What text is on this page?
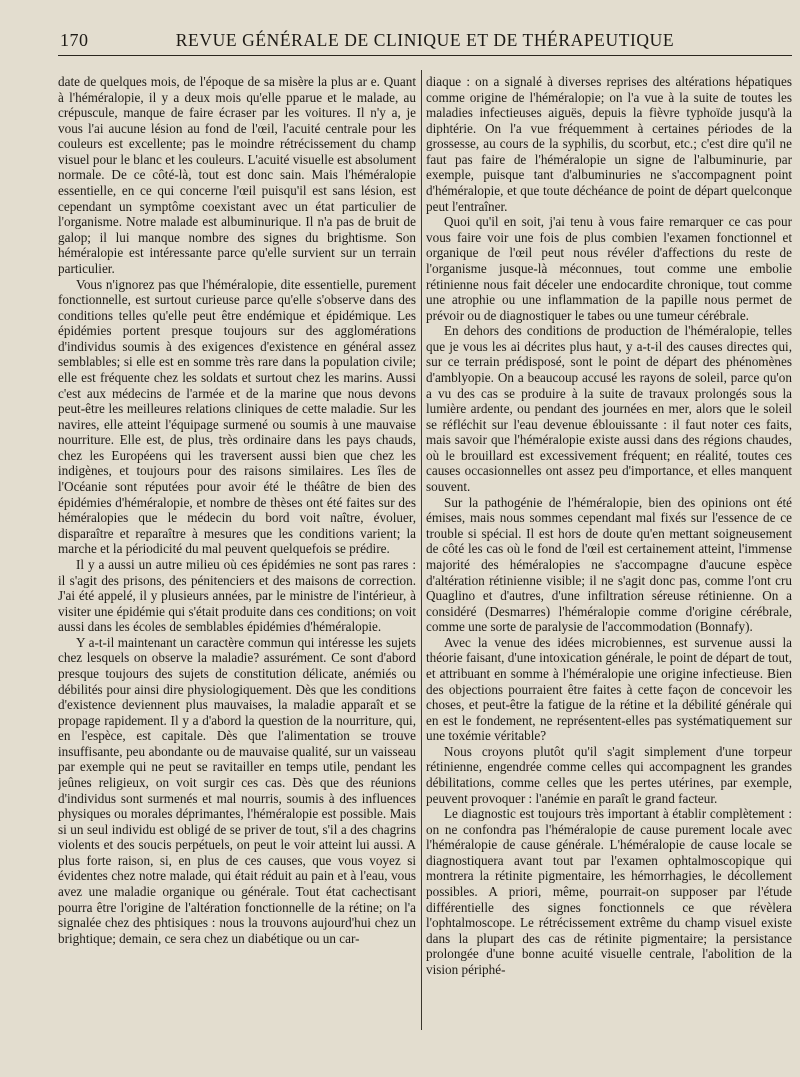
170	REVUE GÉNÉRALE DE CLINIQUE ET DE THÉRAPEUTIQUE

date de quelques mois, de l'époque de sa misère la plus ar e. Quant à l'héméralopie, il y a deux mois qu'elle pparue et le malade, au crépuscule, manque de faire écraser par les voitures. Il n'y a, je vous l'ai aucune lésion au fond de l'œil, l'acuité centrale pour les couleurs est excellente; pas le moindre rétrécissement du champ visuel pour le blanc et les couleurs. L'acuité visuelle est absolument normale. De ce côté-là, tout est donc sain. Mais l'héméralopie essentielle, en ce qui concerne l'œil puisqu'il est sans lésion, est cependant un symptôme coexistant avec un état particulier de l'organisme. Notre malade est albuminurique. Il n'a pas de bruit de galop; il lui manque nombre des signes du brightisme. Son héméralopie est intéressante parce qu'elle survient sur un terrain particulier.

Vous n'ignorez pas que l'héméralopie, dite essentielle, purement fonctionnelle, est surtout curieuse parce qu'elle s'observe dans des conditions telles qu'elle peut être endémique et épidémique. Les épidémies portent presque toujours sur des agglomérations d'individus soumis à des exigences d'existence en général assez semblables; si elle est en somme très rare dans la population civile; elle est fréquente chez les soldats et surtout chez les marins. Aussi c'est aux médecins de l'armée et de la marine que nous devons peut-être les meilleures relations cliniques de cette maladie. Sur les navires, elle atteint l'équipage surmené ou soumis à une mauvaise nourriture. Elle est, de plus, très ordinaire dans les pays chauds, chez les Européens qui les traversent aussi bien que chez les indigènes, et toujours pour des raisons similaires. Les îles de l'Océanie sont réputées pour avoir été le théâtre de bien des épidémies d'héméralopie, et nombre de thèses ont été faites sur des héméralopies que le médecin du bord voit naître, évoluer, disparaître et reparaître à mesures que les conditions varient; la marche et la périodicité du mal peuvent quelquefois se prédire.

Il y a aussi un autre milieu où ces épidémies ne sont pas rares : il s'agit des prisons, des pénitenciers et des maisons de correction. J'ai été appelé, il y plusieurs années, par le ministre de l'intérieur, à visiter une épidémie qui s'était produite dans ces conditions; on voit aussi dans les écoles de semblables épidémies d'héméralopie.

Y a-t-il maintenant un caractère commun qui intéresse les sujets chez lesquels on observe la maladie? assurément. Ce sont d'abord presque toujours des sujets de constitution délicate, anémiés ou débilités pour ainsi dire physiologiquement. Dès que les conditions d'existence deviennent plus mauvaises, la maladie apparaît et se propage rapidement. Il y a d'abord la question de la nourriture, qui, en l'espèce, est capitale. Dès que l'alimentation se trouve insuffisante, peu abondante ou de mauvaise qualité, sur un vaisseau par exemple qui ne peut se ravitailler en temps utile, pendant les jeûnes religieux, on voit surgir ces cas. Dès que des réunions d'individus sont surmenés et mal nourris, soumis à des influences physiques ou morales déprimantes, l'héméralopie est possible. Mais si un seul individu est obligé de se priver de tout, s'il a des chagrins violents et des soucis perpétuels, on peut le voir atteint lui aussi. A plus forte raison, si, en plus de ces causes, que vous voyez si évidentes chez notre malade, qui était réduit au pain et à l'eau, vous avez une maladie organique ou générale. Tout état cachectisant pourra être l'origine de l'altération fonctionnelle de la rétine; on l'a signalée chez des phtisiques : nous la trouvons aujourd'hui chez un brightique; demain, ce sera chez un diabétique ou un car-

diaque : on a signalé à diverses reprises des altérations hépatiques comme origine de l'héméralopie; on l'a vue à la suite de toutes les maladies infectieuses aiguës, depuis la fièvre typhoïde jusqu'à la diphtérie. On l'a vue fréquemment à certaines périodes de la grossesse, au cours de la syphilis, du scorbut, etc.; c'est dire qu'il ne faut pas faire de l'héméralopie un signe de l'albuminurie, par exemple, puisque tant d'albuminuries ne s'accompagnent point d'héméralopie, et que toute déchéance de point de départ quelconque peut l'entraîner.

Quoi qu'il en soit, j'ai tenu à vous faire remarquer ce cas pour vous faire voir une fois de plus combien l'examen fonctionnel et organique de l'œil peut nous révéler d'affections du reste de l'organisme jusque-là méconnues, tout comme une embolie rétinienne nous fait déceler une endocardite chronique, tout comme une atrophie ou une inflammation de la papille nous permet de prévoir ou de diagnostiquer le tabes ou une tumeur cérébrale.

En dehors des conditions de production de l'héméralopie, telles que je vous les ai décrites plus haut, y a-t-il des causes directes qui, sur ce terrain prédisposé, sont le point de départ des phénomènes d'amblyopie. On a beaucoup accusé les rayons de soleil, parce qu'on a vu des cas se produire à la suite de travaux prolongés sous la lumière ardente, ou pendant des journées en mer, alors que le soleil se réfléchit sur l'eau devenue éblouissante : il faut noter ces faits, mais savoir que l'héméralopie existe aussi dans des régions chaudes, où le brouillard est excessivement fréquent; en réalité, toutes ces causes occasionnelles ont assez peu d'importance, et elles manquent souvent.

Sur la pathogénie de l'héméralopie, bien des opinions ont été émises, mais nous sommes cependant mal fixés sur l'essence de ce trouble si spécial. Il est hors de doute qu'en mettant soigneusement de côté les cas où le fond de l'œil est certainement atteint, l'immense majorité des héméralopies ne s'accompagne d'aucune espèce d'altération rétinienne visible; il ne s'agit donc pas, comme l'ont cru Quaglino et d'autres, d'une infiltration séreuse rétinienne. On a considéré (Desmarres) l'héméralopie comme d'origine cérébrale, comme une sorte de paralysie de l'accommodation (Bonnafy).

Avec la venue des idées microbiennes, est survenue aussi la théorie faisant, d'une intoxication générale, le point de départ de tout, et attribuant en somme à l'héméralopie une origine infectieuse. Bien des objections pourraient être faites à cette façon de concevoir les choses, et peut-être la fatigue de la rétine et la débilité générale qui en est le fondement, ne représentent-elles pas systématiquement sur une toxémie véritable?

Nous croyons plutôt qu'il s'agit simplement d'une torpeur rétinienne, engendrée comme celles qui accompagnent les grandes débilitations, comme celles que les pertes utérines, par exemple, peuvent provoquer : l'anémie en paraît le grand facteur.

Le diagnostic est toujours très important à établir complètement : on ne confondra pas l'héméralopie de cause purement locale avec l'héméralopie de cause générale. L'héméralopie de cause locale se diagnostiquera avant tout par l'examen ophtalmoscopique qui montrera la rétinite pigmentaire, les hémorrhagies, le décollement possibles. A priori, même, pourrait-on supposer par l'étude différentielle des signes fonctionnels ce que révèlera l'ophtalmoscope. Le rétrécissement extrême du champ visuel existe dans la plupart des cas de rétinite pigmentaire; la persistance prolongée d'une bonne acuité visuelle centrale, l'abolition de la vision périphé-
